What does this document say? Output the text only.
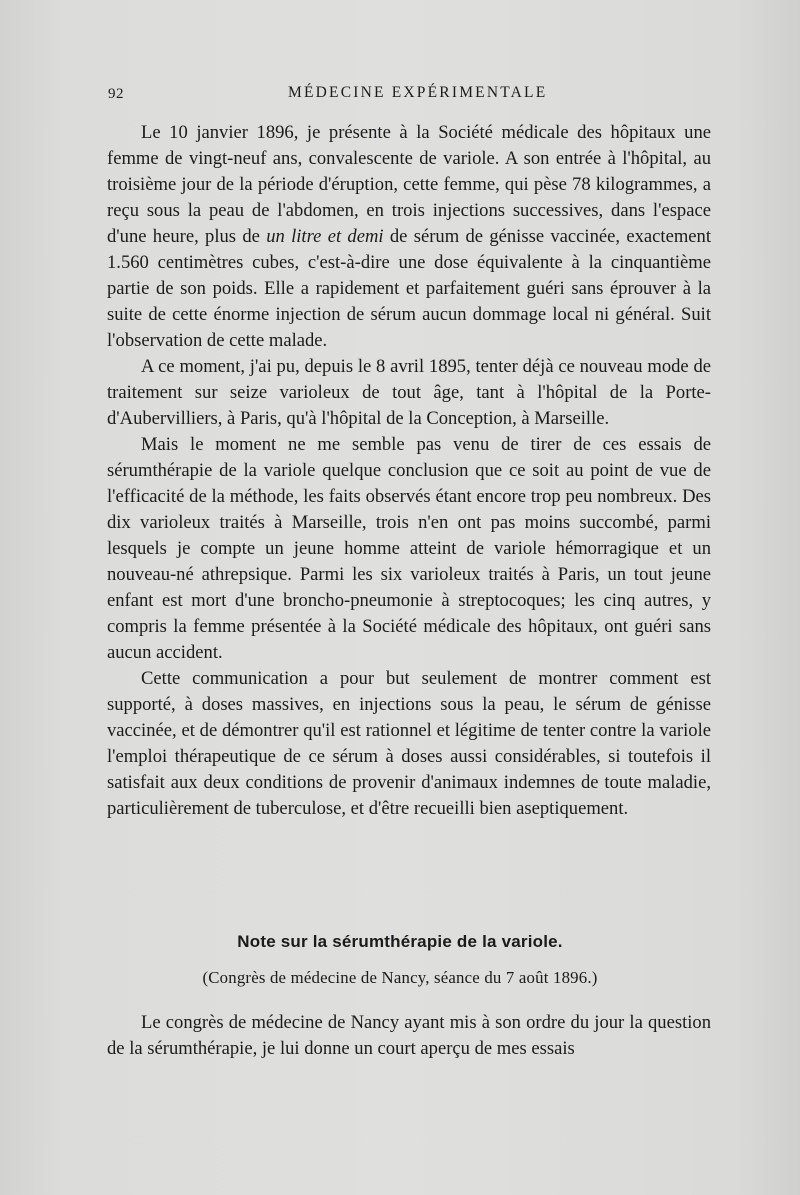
92	MÉDECINE EXPÉRIMENTALE

Le 10 janvier 1896, je présente à la Société médicale des hôpitaux une femme de vingt-neuf ans, convalescente de variole. A son entrée à l'hôpital, au troisième jour de la période d'éruption, cette femme, qui pèse 78 kilogrammes, a reçu sous la peau de l'abdomen, en trois injections successives, dans l'espace d'une heure, plus de un litre et demi de sérum de génisse vaccinée, exactement 1.560 centimètres cubes, c'est-à-dire une dose équivalente à la cinquantième partie de son poids. Elle a rapidement et parfaitement guéri sans éprouver à la suite de cette énorme injection de sérum aucun dommage local ni général. Suit l'observation de cette malade.

A ce moment, j'ai pu, depuis le 8 avril 1895, tenter déjà ce nouveau mode de traitement sur seize varioleux de tout âge, tant à l'hôpital de la Porte-d'Aubervilliers, à Paris, qu'à l'hôpital de la Conception, à Marseille.

Mais le moment ne me semble pas venu de tirer de ces essais de sérumthérapie de la variole quelque conclusion que ce soit au point de vue de l'efficacité de la méthode, les faits observés étant encore trop peu nombreux. Des dix varioleux traités à Marseille, trois n'en ont pas moins succombé, parmi lesquels je compte un jeune homme atteint de variole hémorragique et un nouveau-né athrepsique. Parmi les six varioleux traités à Paris, un tout jeune enfant est mort d'une broncho-pneumonie à streptocoques; les cinq autres, y compris la femme présentée à la Société médicale des hôpitaux, ont guéri sans aucun accident.

Cette communication a pour but seulement de montrer comment est supporté, à doses massives, en injections sous la peau, le sérum de génisse vaccinée, et de démontrer qu'il est rationnel et légitime de tenter contre la variole l'emploi thérapeutique de ce sérum à doses aussi considérables, si toutefois il satisfait aux deux conditions de provenir d'animaux indemnes de toute maladie, particulièrement de tuberculose, et d'être recueilli bien aseptiquement.

Note sur la sérumthérapie de la variole.
(Congrès de médecine de Nancy, séance du 7 août 1896.)

Le congrès de médecine de Nancy ayant mis à son ordre du jour la question de la sérumthérapie, je lui donne un court aperçu de mes essais
